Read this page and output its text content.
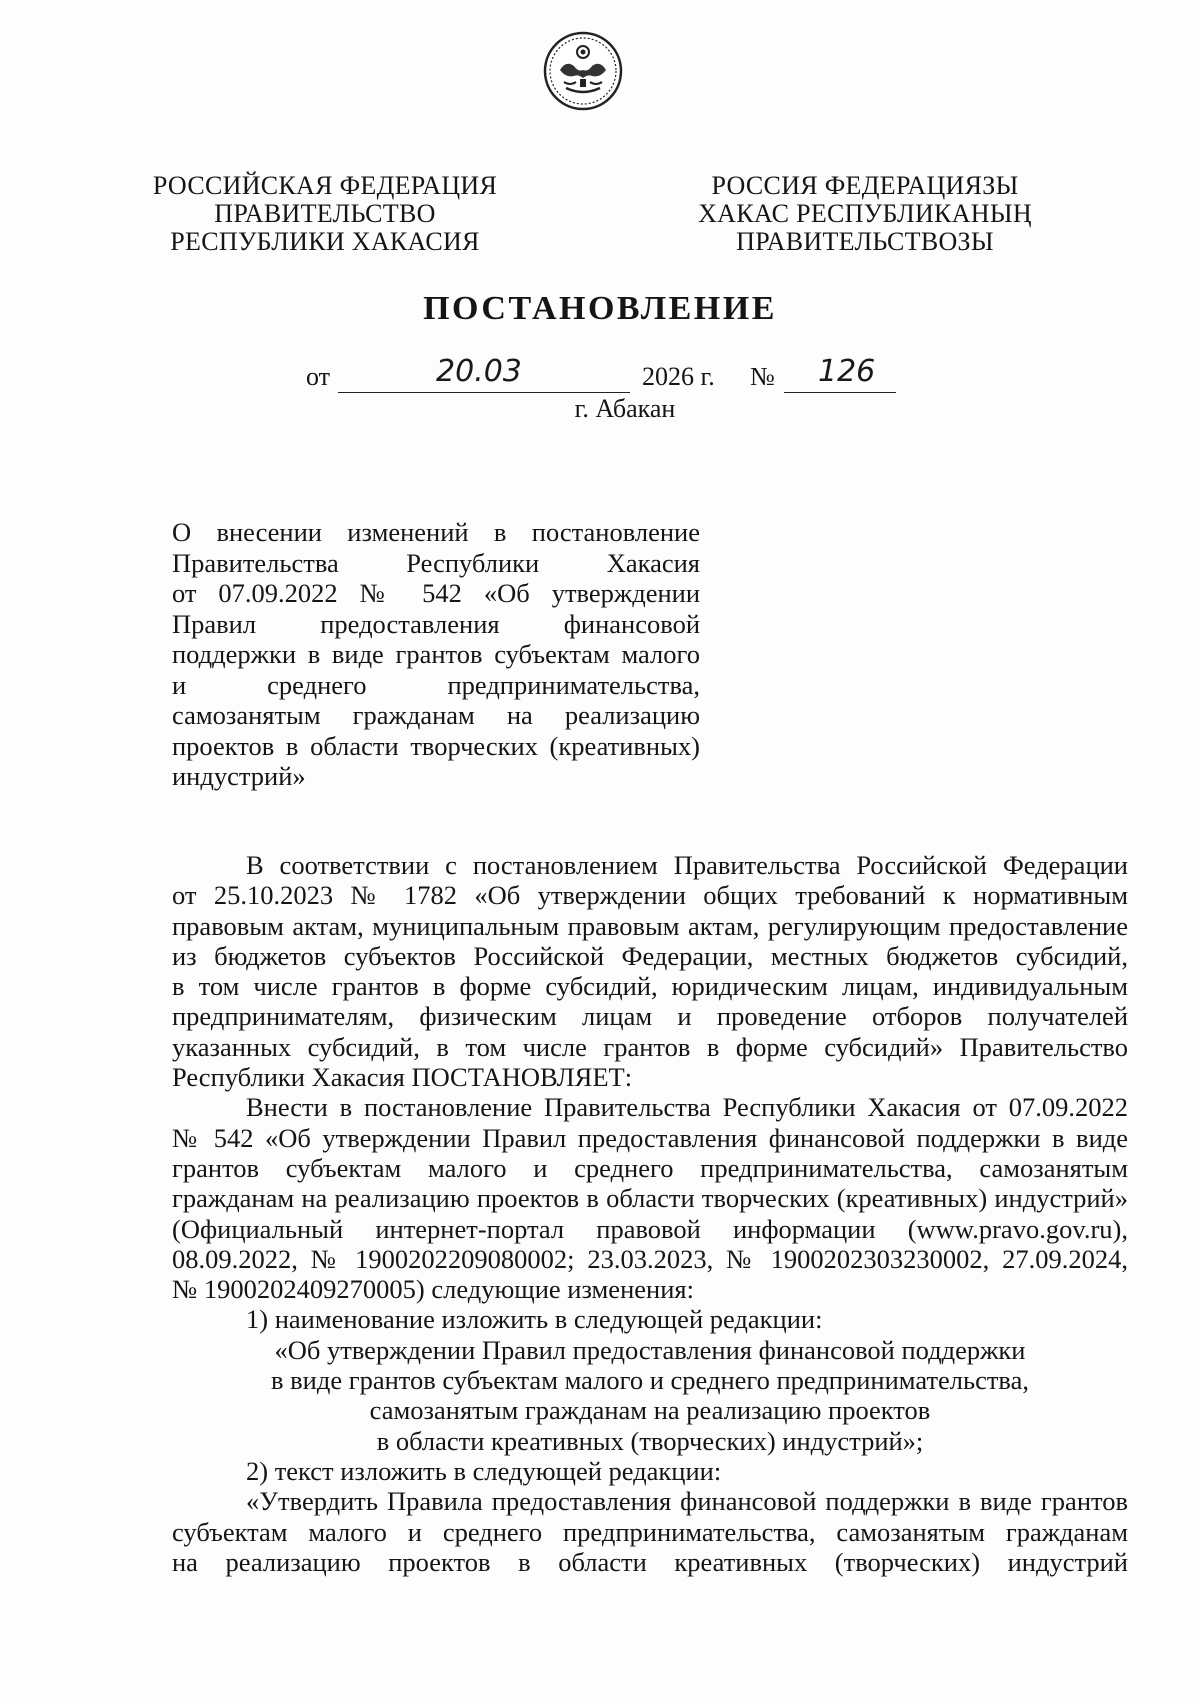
РОССИЙСКАЯ ФЕДЕРАЦИЯ
ПРАВИТЕЛЬСТВО
РЕСПУБЛИКИ ХАКАСИЯ
РОССИЯ ФЕДЕРАЦИЯЗЫ
ХАКАС РЕСПУБЛИКАНЫҢ
ПРАВИТЕЛЬСТВОЗЫ
ПОСТАНОВЛЕНИЕ
от	20.03	2026 г. № 126
г. Абакан
О внесении изменений в постановление
Правительства Республики Хакасия
от 07.09.2022 № 542 «Об утверждении
Правил предоставления финансовой
поддержки в виде грантов субъектам малого
и среднего предпринимательства,
самозанятым гражданам на реализацию
проектов в области творческих (креативных)
индустрий»
В соответствии с постановлением Правительства Российской Федерации
от 25.10.2023 № 1782 «Об утверждении общих требований к нормативным
правовым актам, муниципальным правовым актам, регулирующим предоставление
из бюджетов субъектов Российской Федерации, местных бюджетов субсидий,
в том числе грантов в форме субсидий, юридическим лицам, индивидуальным
предпринимателям, физическим лицам и проведение отборов получателей
указанных субсидий, в том числе грантов в форме субсидий» Правительство
Республики Хакасия ПОСТАНОВЛЯЕТ:
Внести в постановление Правительства Республики Хакасия от 07.09.2022
№ 542 «Об утверждении Правил предоставления финансовой поддержки в виде
грантов субъектам малого и среднего предпринимательства, самозанятым
гражданам на реализацию проектов в области творческих (креативных) индустрий»
(Официальный интернет-портал правовой информации (www.pravo.gov.ru),
08.09.2022, № 1900202209080002; 23.03.2023, № 1900202303230002, 27.09.2024,
№ 1900202409270005) следующие изменения:
1) наименование изложить в следующей редакции:
«Об утверждении Правил предоставления финансовой поддержки
в виде грантов субъектам малого и среднего предпринимательства,
самозанятым гражданам на реализацию проектов
в области креативных (творческих) индустрий»;
2) текст изложить в следующей редакции:
«Утвердить Правила предоставления финансовой поддержки в виде грантов
субъектам малого и среднего предпринимательства, самозанятым гражданам
на реализацию проектов в области креативных (творческих) индустрий
